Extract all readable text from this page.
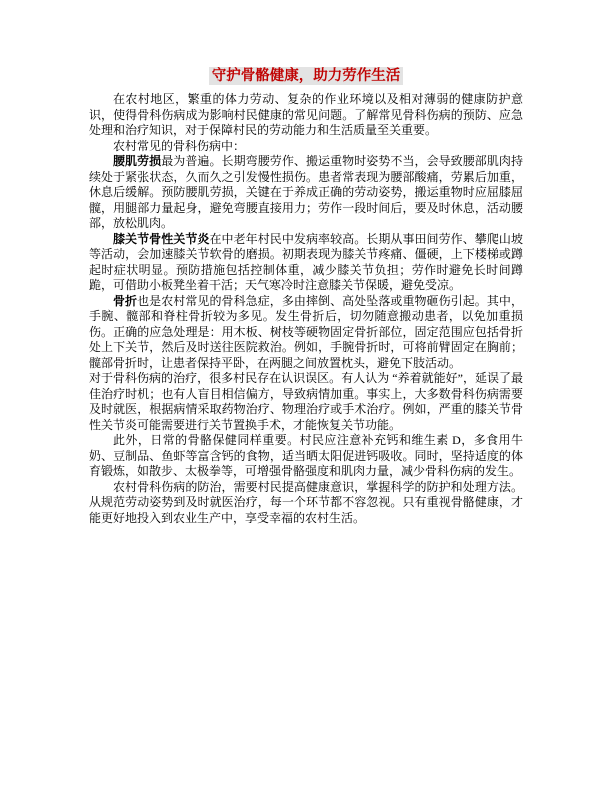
守护骨骼健康，助力劳作生活

在农村地区，繁重的体力劳动、复杂的作业环境以及相对薄弱的健康防护意识，使得骨科伤病成为影响村民健康的常见问题。了解常见骨科伤病的预防、应急处理和治疗知识，对于保障村民的劳动能力和生活质量至关重要。

农村常见的骨科伤病中：

腰肌劳损最为普遍。长期弯腰劳作、搬运重物时姿势不当，会导致腰部肌肉持续处于紧张状态，久而久之引发慢性损伤。患者常表现为腰部酸痛，劳累后加重，休息后缓解。预防腰肌劳损，关键在于养成正确的劳动姿势，搬运重物时应屈膝屈髋，用腿部力量起身，避免弯腰直接用力；劳作一段时间后，要及时休息，活动腰部，放松肌肉。

膝关节骨性关节炎在中老年村民中发病率较高。长期从事田间劳作、攀爬山坡等活动，会加速膝关节软骨的磨损。初期表现为膝关节疼痛、僵硬，上下楼梯或蹲起时症状明显。预防措施包括控制体重，减少膝关节负担；劳作时避免长时间蹲跪，可借助小板凳坐着干活；天气寒冷时注意膝关节保暖，避免受凉。

骨折也是农村常见的骨科急症，多由摔倒、高处坠落或重物砸伤引起。其中，手腕、髋部和脊柱骨折较为多见。发生骨折后，切勿随意搬动患者，以免加重损伤。正确的应急处理是：用木板、树枝等硬物固定骨折部位，固定范围应包括骨折处上下关节，然后及时送往医院救治。例如，手腕骨折时，可将前臂固定在胸前；髋部骨折时，让患者保持平卧，在两腿之间放置枕头，避免下肢活动。

对于骨科伤病的治疗，很多村民存在认识误区。有人认为 “养着就能好”，延误了最佳治疗时机；也有人盲目相信偏方，导致病情加重。事实上，大多数骨科伤病需要及时就医，根据病情采取药物治疗、物理治疗或手术治疗。例如，严重的膝关节骨性关节炎可能需要进行关节置换手术，才能恢复关节功能。

此外，日常的骨骼保健同样重要。村民应注意补充钙和维生素 D，多食用牛奶、豆制品、鱼虾等富含钙的食物，适当晒太阳促进钙吸收。同时，坚持适度的体育锻炼，如散步、太极拳等，可增强骨骼强度和肌肉力量，减少骨科伤病的发生。

农村骨科伤病的防治，需要村民提高健康意识，掌握科学的防护和处理方法。从规范劳动姿势到及时就医治疗，每一个环节都不容忽视。只有重视骨骼健康，才能更好地投入到农业生产中，享受幸福的农村生活。
